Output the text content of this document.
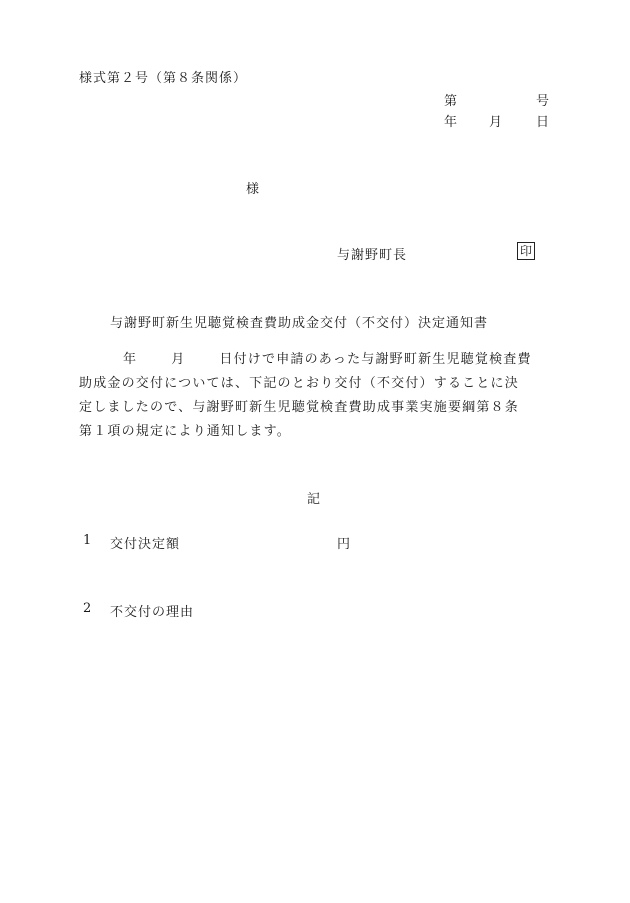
様式第２号（第８条関係）
第	号
年 月	日
様
与謝野町長	印
与謝野町新生児聴覚検査費助成金交付（不交付）決定通知書
年	月	日付けで申請のあった与謝野町新生児聴覚検査費
助成金の交付については、下記のとおり交付（不交付）することに決
定しましたので、与謝野町新生児聴覚検査費助成事業実施要綱第８条
第１項の規定により通知します。
記
1 交付決定額	円
2 不交付の理由
